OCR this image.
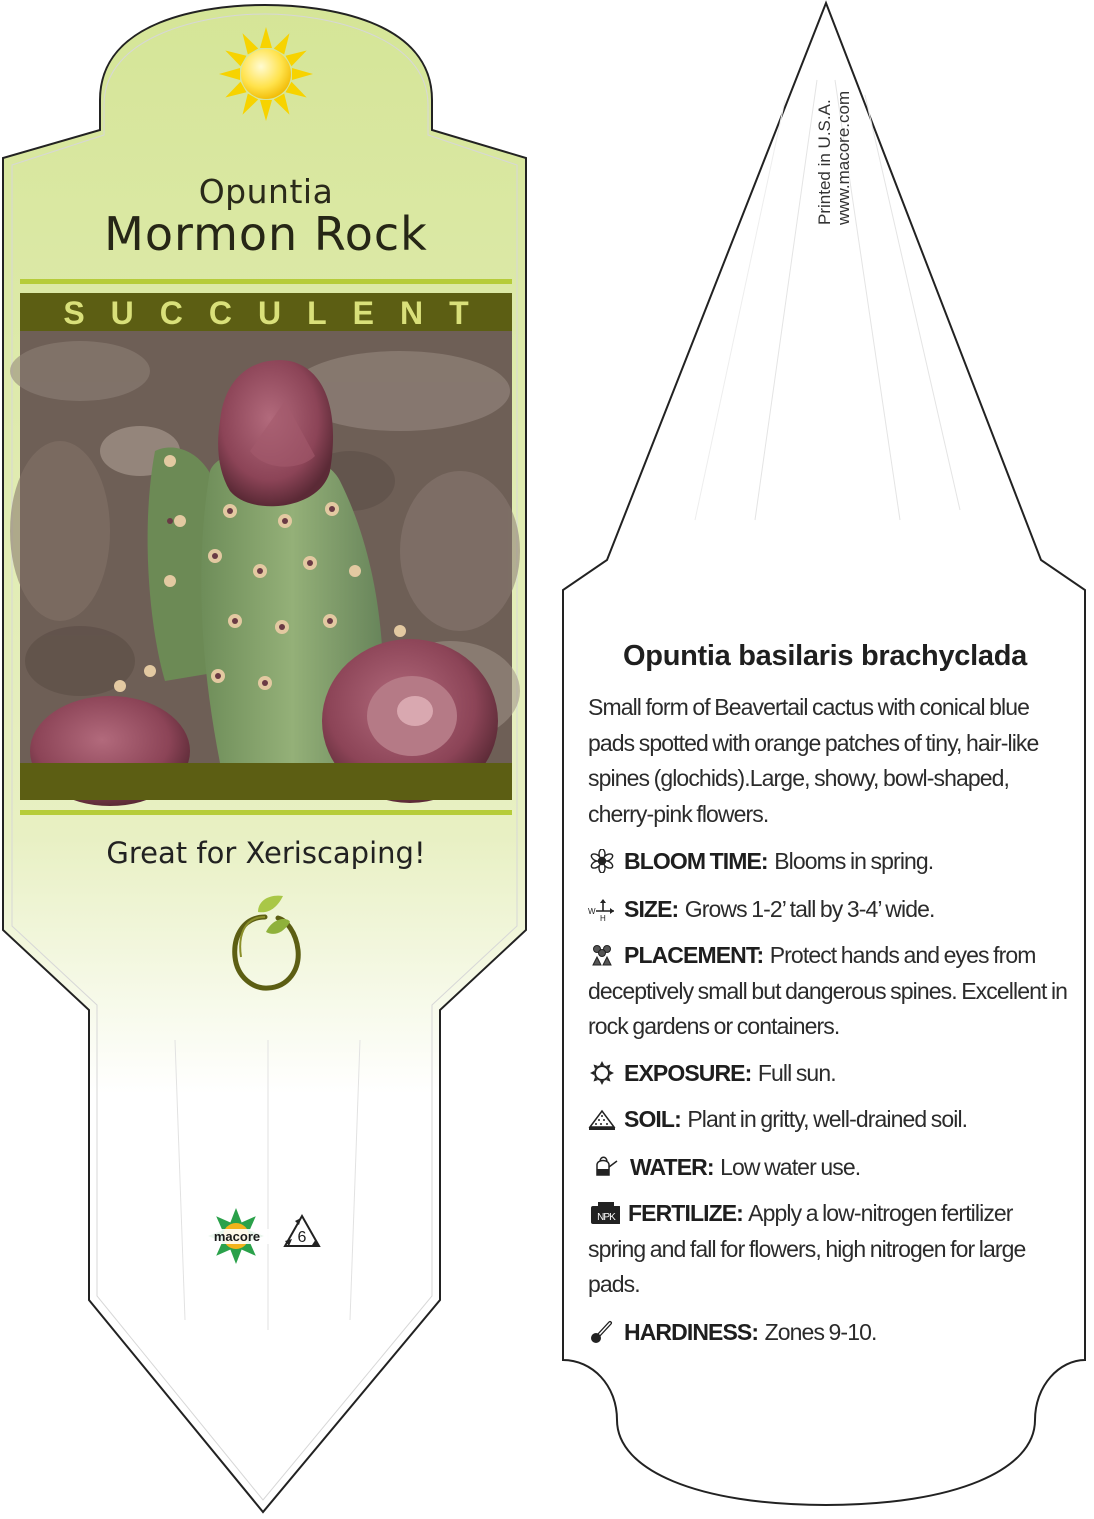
Opuntia
Mormon Rock
SUCCULENT
Great for Xeriscaping!
macore 6
Printed in U.S.A. www.macore.com
Opuntia basilaris brachyclada
Small form of Beavertail cactus with conical blue pads spotted with orange patches of tiny, hair-like spines (glochids).Large, showy, bowl-shaped, cherry-pink flowers.
BLOOM TIME: Blooms in spring.
W
H SIZE: Grows 1-2’ tall by 3-4’ wide.
PLACEMENT: Protect hands and eyes from deceptively small but dangerous spines. Excellent in rock gardens or containers.
EXPOSURE: Full sun.
SOIL: Plant in gritty, well-drained soil.
WATER: Low water use.
NPK FERTILIZE: Apply a low-nitrogen fertilizer spring and fall for flowers, high nitrogen for large pads.
HARDINESS: Zones 9-10.
